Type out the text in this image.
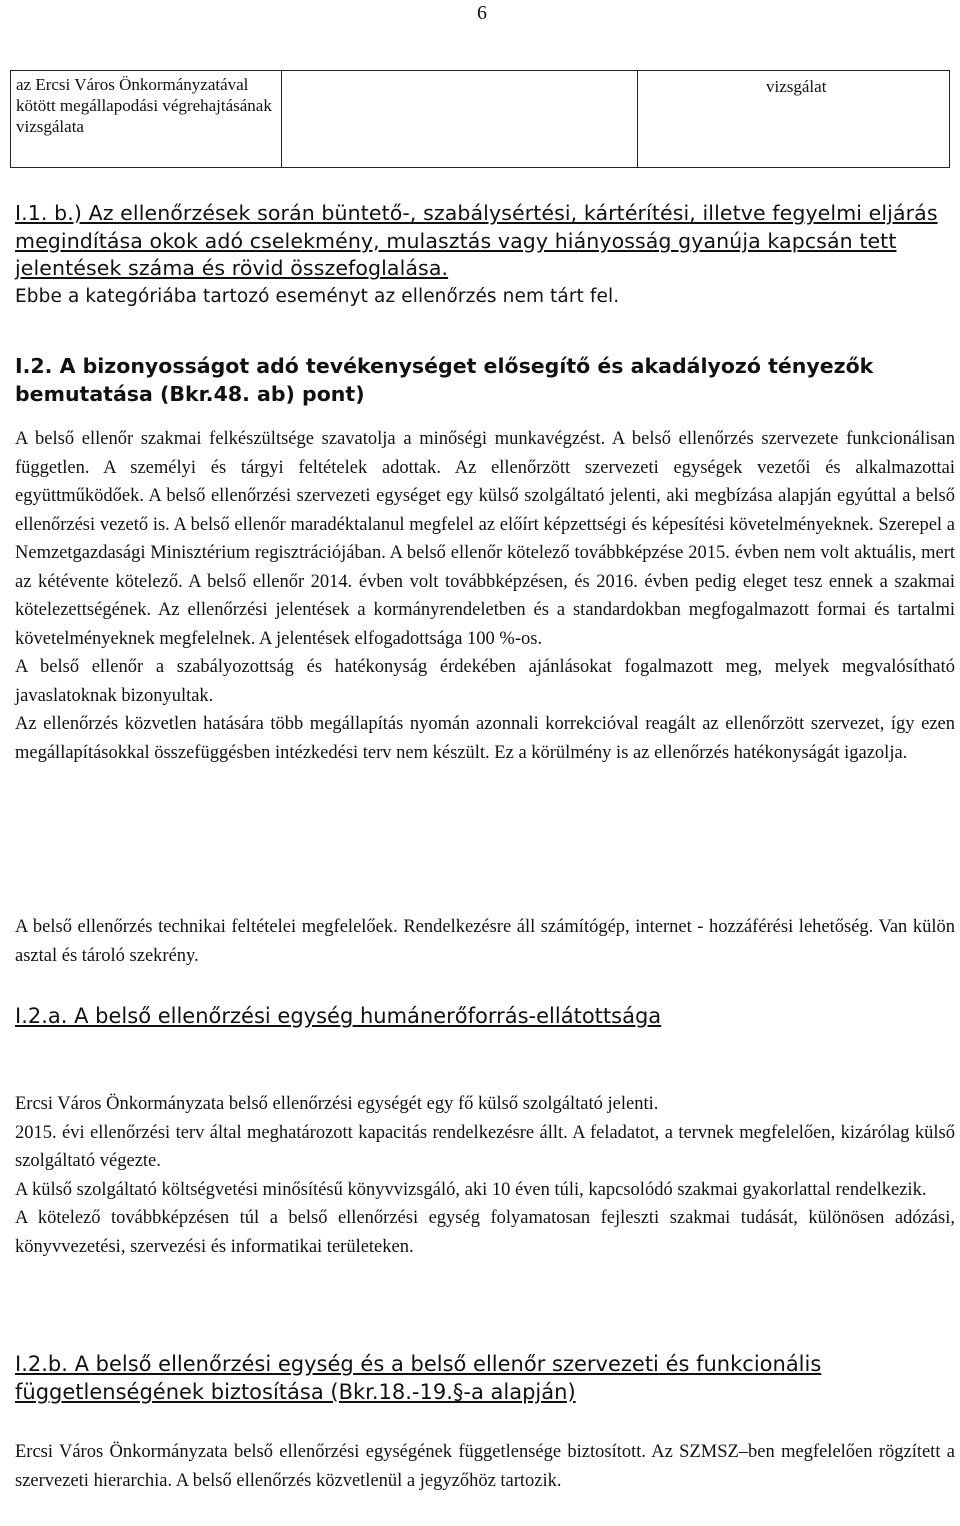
6
az Ercsi Város Önkormányzatával kötött megállapodási végrehajtásának vizsgálata		vizsgálat

I.1. b.) Az ellenőrzések során büntető-, szabálysértési, kártérítési, illetve fegyelmi eljárás megindítása okok adó cselekmény, mulasztás vagy hiányosság gyanúja kapcsán tett jelentések száma és rövid összefoglalása.

Ebbe a kategóriába tartozó eseményt az ellenőrzés nem tárt fel.

I.2. A bizonyosságot adó tevékenységet elősegítő és akadályozó tényezők bemutatása (Bkr.48. ab) pont)

A belső ellenőr szakmai felkészültsége szavatolja a minőségi munkavégzést. A belső ellenőrzés szervezete funkcionálisan független. A személyi és tárgyi feltételek adottak. Az ellenőrzött szervezeti egységek vezetői és alkalmazottai együttműködőek. A belső ellenőrzési szervezeti egységet egy külső szolgáltató jelenti, aki megbízása alapján egyúttal a belső ellenőrzési vezető is. A belső ellenőr maradéktalanul megfelel az előírt képzettségi és képesítési követelményeknek. Szerepel a Nemzetgazdasági Minisztérium regisztrációjában. A belső ellenőr kötelező továbbképzése 2015. évben nem volt aktuális, mert az kétévente kötelező. A belső ellenőr 2014. évben volt továbbképzésen, és 2016. évben pedig eleget tesz ennek a szakmai kötelezettségének. Az ellenőrzési jelentések a kormányrendeletben és a standardokban megfogalmazott formai és tartalmi követelményeknek megfelelnek. A jelentések elfogadottsága 100 %-os.

A belső ellenőr a szabályozottság és hatékonyság érdekében ajánlásokat fogalmazott meg, melyek megvalósítható javaslatoknak bizonyultak.

Az ellenőrzés közvetlen hatására több megállapítás nyomán azonnali korrekcióval reagált az ellenőrzött szervezet, így ezen megállapításokkal összefüggésben intézkedési terv nem készült. Ez a körülmény is az ellenőrzés hatékonyságát igazolja.

A belső ellenőrzés technikai feltételei megfelelőek. Rendelkezésre áll számítógép, internet - hozzáférési lehetőség. Van külön asztal és tároló szekrény.
I.2.a. A belső ellenőrzési egység humánerőforrás-ellátottsága

Ercsi Város Önkormányzata belső ellenőrzési egységét egy fő külső szolgáltató jelenti.

2015. évi ellenőrzési terv által meghatározott kapacitás rendelkezésre állt. A feladatot, a tervnek megfelelően, kizárólag külső szolgáltató végezte.

A külső szolgáltató költségvetési minősítésű könyvvizsgáló, aki 10 éven túli, kapcsolódó szakmai gyakorlattal rendelkezik.

A kötelező továbbképzésen túl a belső ellenőrzési egység folyamatosan fejleszti szakmai tudását, különösen adózási, könyvvezetési, szervezési és informatikai területeken.

I.2.b. A belső ellenőrzési egység és a belső ellenőr szervezeti és funkcionális függetlenségének biztosítása (Bkr.18.-19.§-a alapján)
Ercsi Város Önkormányzata belső ellenőrzési egységének függetlensége biztosított. Az SZMSZ–ben megfelelően rögzített a szervezeti hierarchia. A belső ellenőrzés közvetlenül a jegyzőhöz tartozik.
